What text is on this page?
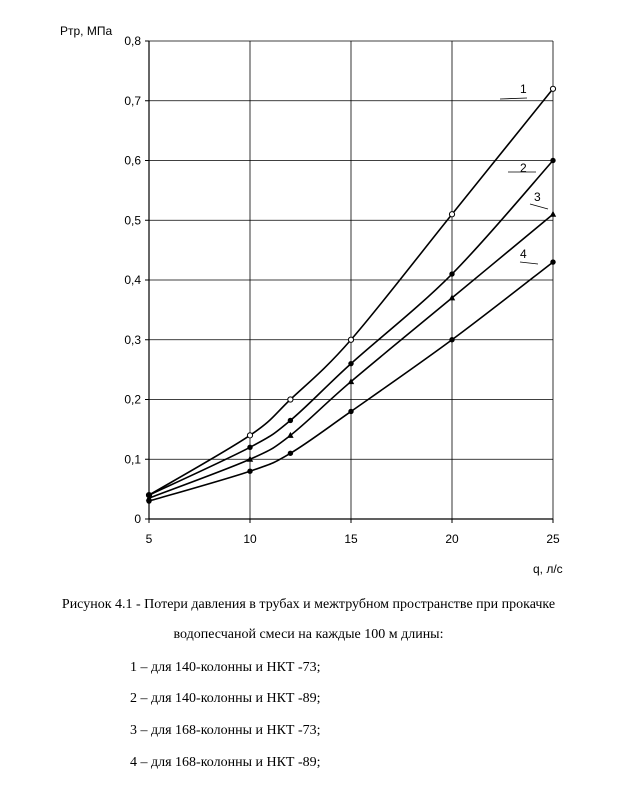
1
2
3
4
0
0,1
0,2
0,3
0,4
0,5
0,6
0,7
0,8
5	10	15	20	25
Ртр, МПа
q, л/с
Рисунок 4.1 - Потери давления в трубах и межтрубном пространстве при прокачке
водопесчаной смеси на каждые 100 м длины:
1 – для 140-колонны и НКТ -73;
2 – для 140-колонны и НКТ -89;
3 – для 168-колонны и НКТ -73;
4 – для 168-колонны и НКТ -89;
